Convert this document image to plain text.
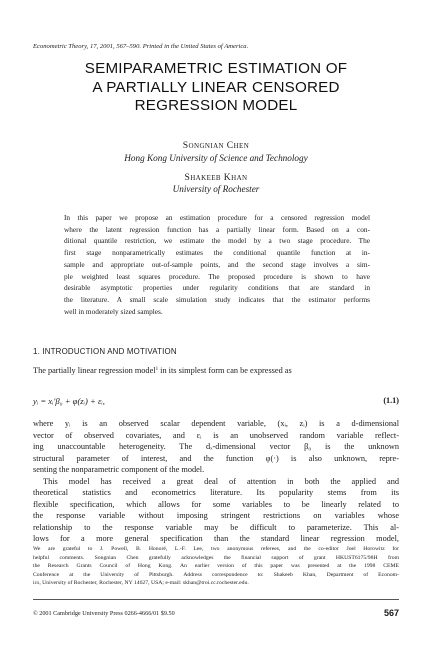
Econometric Theory, 17, 2001, 567–590. Printed in the United States of America.
SEMIPARAMETRIC ESTIMATION OF
A PARTIALLY LINEAR CENSORED
REGRESSION MODEL
Songnian Chen
Hong Kong University of Science and Technology
Shakeeb Khan
University of Rochester
In this paper we propose an estimation procedure for a censored regression model
where the latent regression function has a partially linear form. Based on a con-
ditional quantile restriction, we estimate the model by a two stage procedure. The
first stage nonparametrically estimates the conditional quantile function at in-
sample and appropriate out-of-sample points, and the second stage involves a sim-
ple weighted least squares procedure. The proposed procedure is shown to have
desirable asymptotic properties under regularity conditions that are standard in
the literature. A small scale simulation study indicates that the estimator performs
well in moderately sized samples.
1. INTRODUCTION AND MOTIVATION
The partially linear regression model$^1$ in its simplest form can be expressed as
yᵢ = xᵢ′β₀ + φ(zᵢ) + εᵢ,	(1.1)
where yᵢ is an observed scalar dependent variable, (xᵢ, zᵢ) is a d-dimensional
vector of observed covariates, and εᵢ is an unobserved random variable reflect-
ing unaccountable heterogeneity. The dₓ-dimensional vector β₀ is the unknown
structural parameter of interest, and the function φ(·) is also unknown, repre-
senting the nonparametric component of the model.
This model has received a great deal of attention in both the applied and
theoretical statistics and econometrics literature. Its popularity stems from its
flexible specification, which allows for some variables to be linearly related to
the response variable without imposing stringent restrictions on variables whose
relationship to the response variable may be difficult to parameterize. This al-
lows for a more general specification than the standard linear regression model,
We are grateful to J. Powell, B. Honoré, L.-F. Lee, two anonymous referees, and the co-editor Joel Horowitz for
helpful comments. Songnian Chen gratefully acknowledges the financial support of grant HKUST6175/98H from
the Research Grants Council of Hong Kong. An earlier version of this paper was presented at the 1998 CEME
Conference at the University of Pittsburgh. Address correspondence to: Shakeeb Khan, Department of Econom-
ics, University of Rochester, Rochester, NY 14627, USA; e-mail: skhan@troi.cc.rochester.edu.
© 2001 Cambridge University Press 0266-4666/01 $9.50	567
